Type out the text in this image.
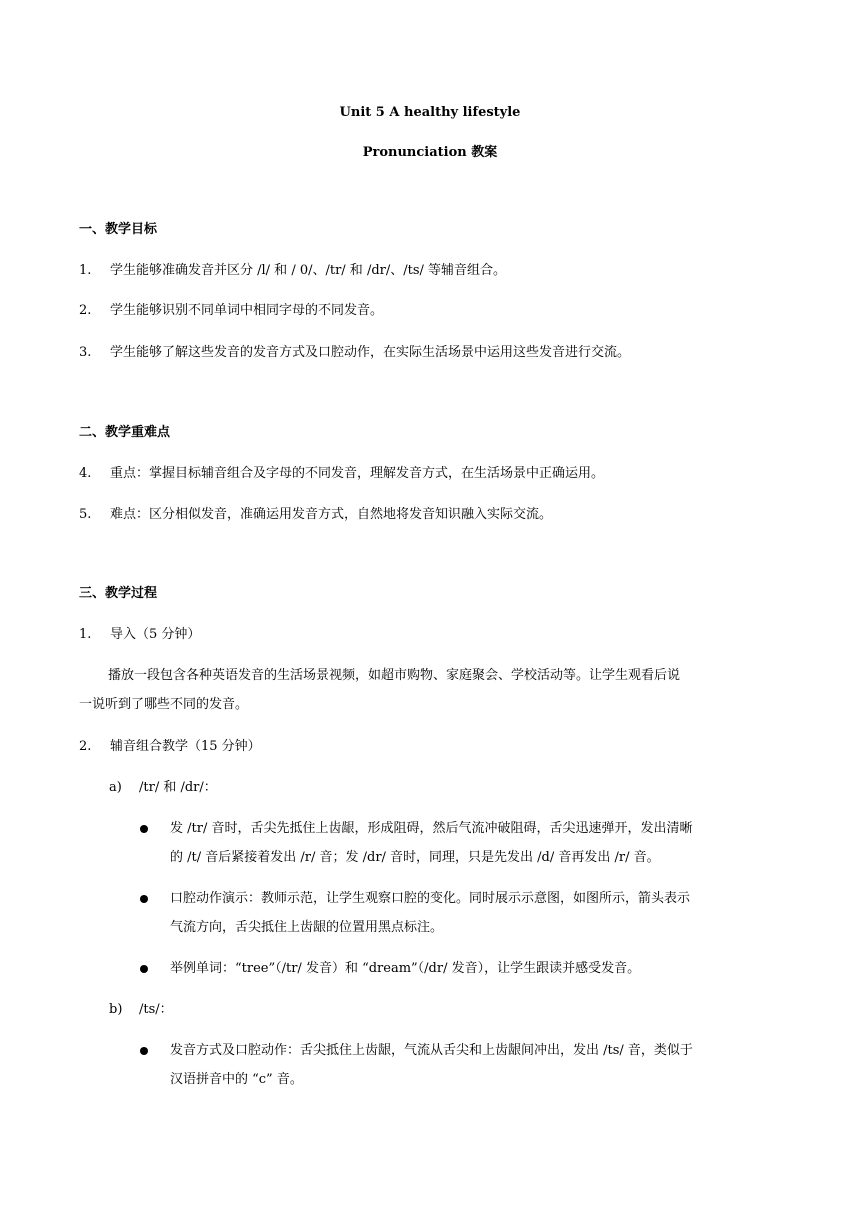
Unit 5 A healthy lifestyle
Pronunciation 教案
一、教学目标
1. 学生能够准确发音并区分 /l/ 和 / 0/、/tr/ 和 /dr/、/ts/ 等辅音组合。
2. 学生能够识别不同单词中相同字母的不同发音。
3. 学生能够了解这些发音的发音方式及口腔动作，在实际生活场景中运用这些发音进行交流。
二、教学重难点
4. 重点：掌握目标辅音组合及字母的不同发音，理解发音方式，在生活场景中正确运用。
5. 难点：区分相似发音，准确运用发音方式，自然地将发音知识融入实际交流。
三、教学过程
1. 导入（5 分钟）
播放一段包含各种英语发音的生活场景视频，如超市购物、家庭聚会、学校活动等。让学生观看后说
一说听到了哪些不同的发音。
2. 辅音组合教学（15 分钟）
a) /tr/ 和 /dr/：
发 /tr/ 音时，舌尖先抵住上齿龈，形成阻碍，然后气流冲破阻碍，舌尖迅速弹开，发出清晰
的 /t/ 音后紧接着发出 /r/ 音；发 /dr/ 音时，同理，只是先发出 /d/ 音再发出 /r/ 音。
口腔动作演示：教师示范，让学生观察口腔的变化。同时展示示意图，如图所示，箭头表示
气流方向，舌尖抵住上齿龈的位置用黑点标注。
举例单词：“tree”（/tr/ 发音）和 “dream”（/dr/ 发音），让学生跟读并感受发音。
b) /ts/：
发音方式及口腔动作：舌尖抵住上齿龈，气流从舌尖和上齿龈间冲出，发出 /ts/ 音，类似于
汉语拼音中的 “c” 音。
